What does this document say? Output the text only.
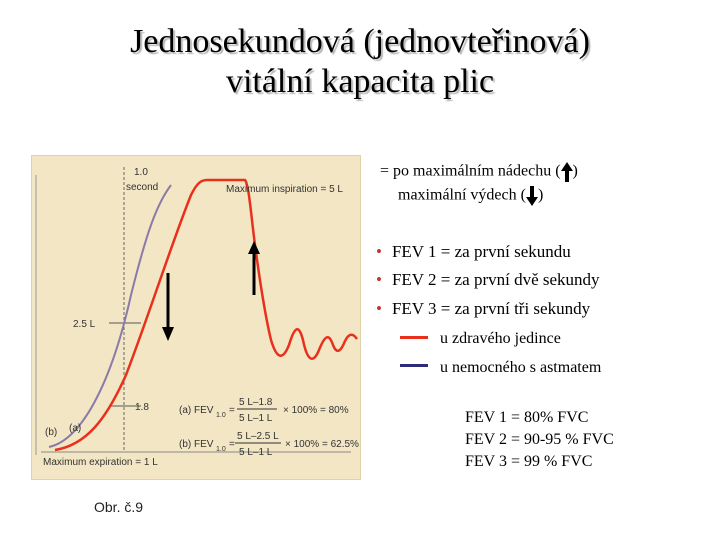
Jednosekundová (jednovteřinová)
vitální kapacita plic
1.0
second	Maximum inspiration = 5 L
2.5 L
1.8
(b) (a)
Maximum expiration = 1 L
(a) FEV 1.0 =
5 L–1.8
5 L–1 L
× 100% = 80%
(b) FEV 1.0 =
5 L–2.5 L
5 L–1 L
× 100% = 62.5%
Obr. č.9
= po maximálním nádechu ( )
maximální výdech ( )
• FEV 1 = za první sekundu
• FEV 2 = za první dvě sekundy
• FEV 3 = za první tři sekundy
u zdravého jedince
u nemocného s astmatem
FEV 1 = 80% FVC
FEV 2 = 90-95 % FVC
FEV 3 = 99 % FVC
